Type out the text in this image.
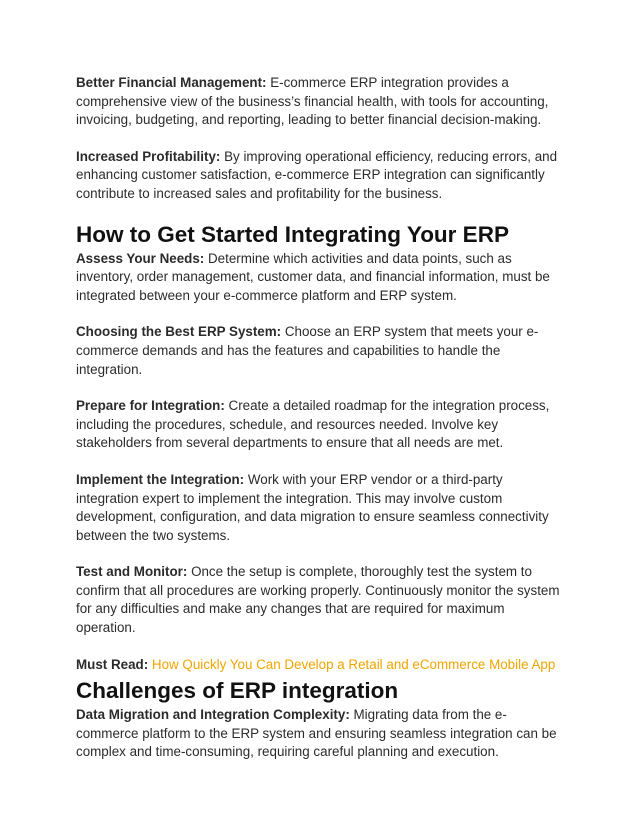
Better Financial Management: E-commerce ERP integration provides a comprehensive view of the business’s financial health, with tools for accounting, invoicing, budgeting, and reporting, leading to better financial decision-making.

Increased Profitability: By improving operational efficiency, reducing errors, and enhancing customer satisfaction, e-commerce ERP integration can significantly contribute to increased sales and profitability for the business.

How to Get Started Integrating Your ERP

Assess Your Needs: Determine which activities and data points, such as inventory, order management, customer data, and financial information, must be integrated between your e-commerce platform and ERP system.

Choosing the Best ERP System: Choose an ERP system that meets your e-commerce demands and has the features and capabilities to handle the integration.

Prepare for Integration: Create a detailed roadmap for the integration process, including the procedures, schedule, and resources needed. Involve key stakeholders from several departments to ensure that all needs are met.

Implement the Integration: Work with your ERP vendor or a third-party integration expert to implement the integration. This may involve custom development, configuration, and data migration to ensure seamless connectivity between the two systems.

Test and Monitor: Once the setup is complete, thoroughly test the system to confirm that all procedures are working properly. Continuously monitor the system for any difficulties and make any changes that are required for maximum operation.

Must Read: How Quickly You Can Develop a Retail and eCommerce Mobile App

Challenges of ERP integration

Data Migration and Integration Complexity: Migrating data from the e-commerce platform to the ERP system and ensuring seamless integration can be complex and time-consuming, requiring careful planning and execution.
